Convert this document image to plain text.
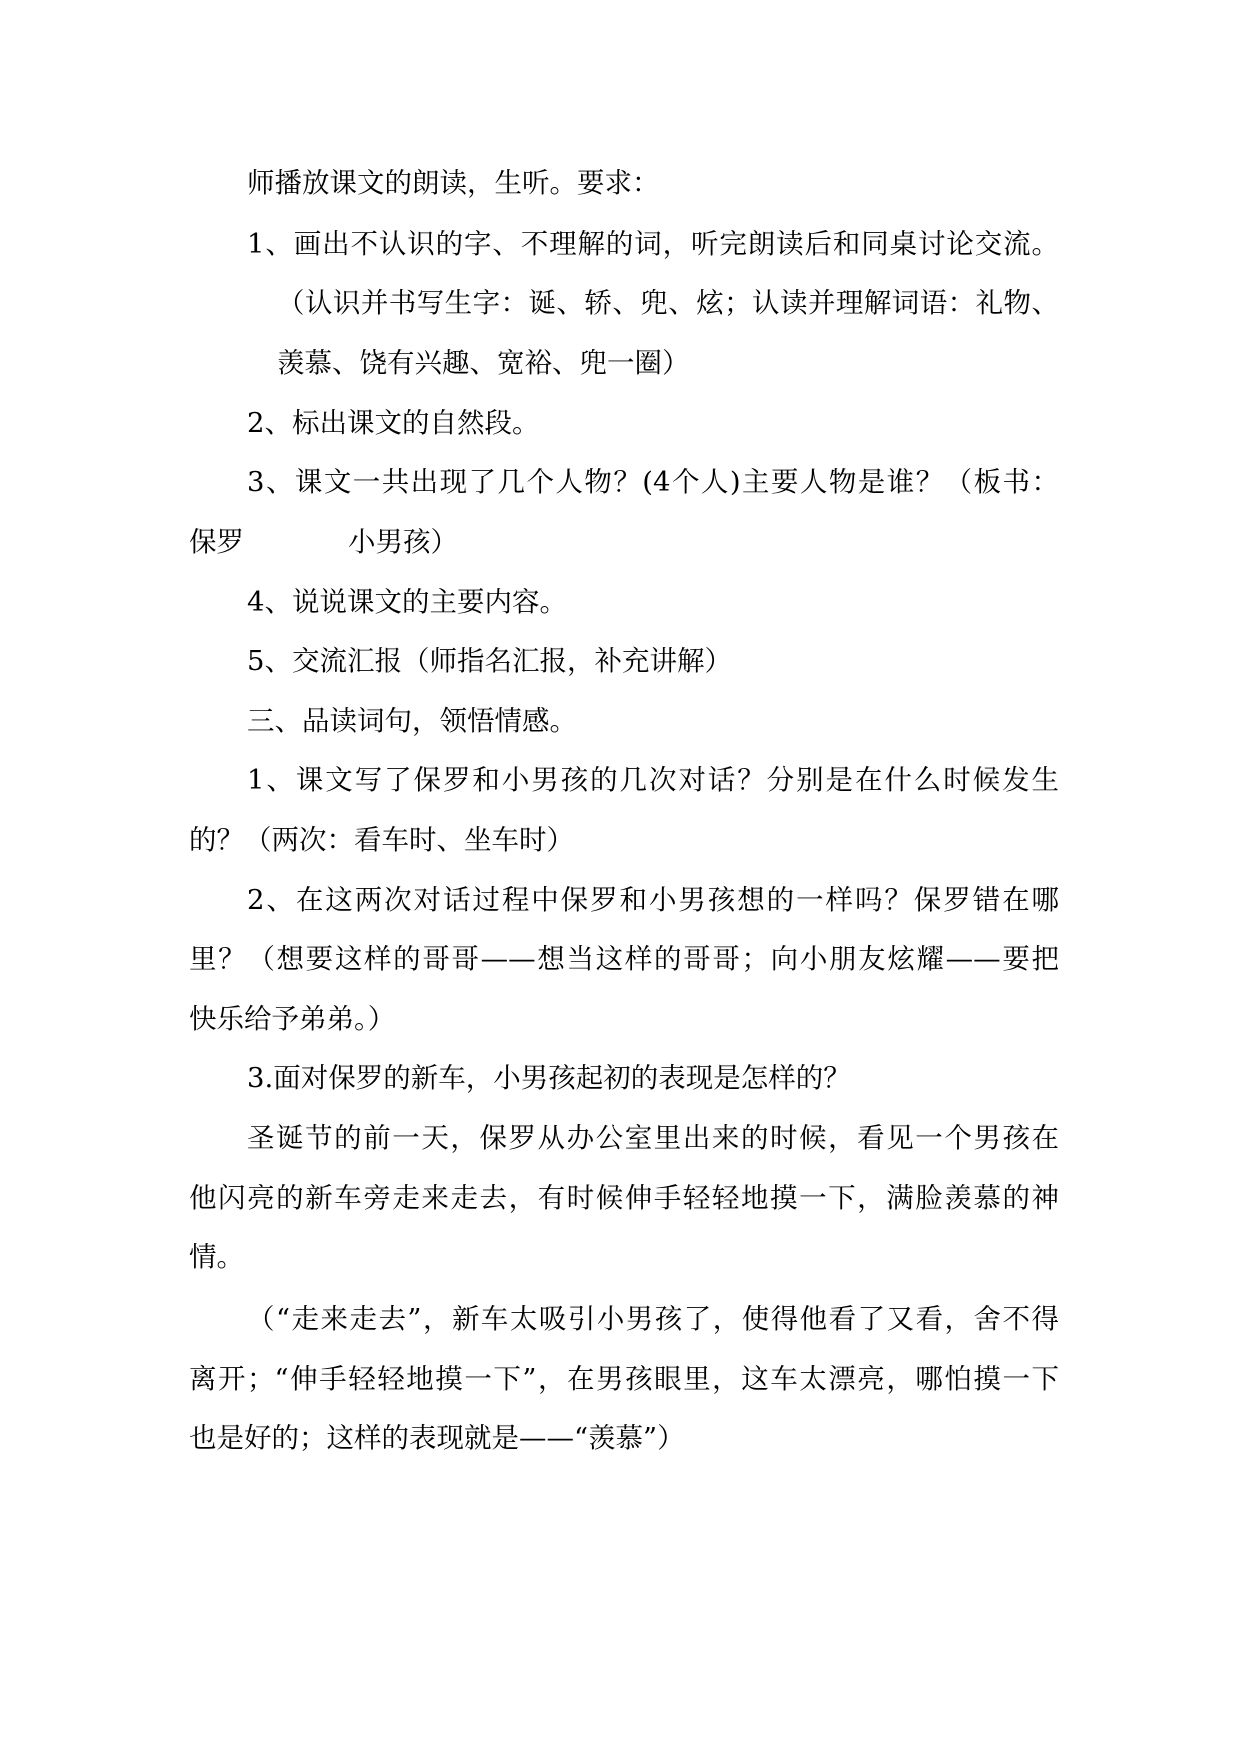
师播放课文的朗读，生听。要求：
1、画出不认识的字、不理解的词，听完朗读后和同桌讨论交流。
（认识并书写生字：诞、轿、兜、炫；认读并理解词语：礼物、
羡慕、饶有兴趣、宽裕、兜一圈）
2、标出课文的自然段。
3、课文一共出现了几个人物？(4个人)主要人物是谁？（板书：
保罗	小男孩）
4、说说课文的主要内容。
5、交流汇报（师指名汇报，补充讲解）
三、品读词句，领悟情感。
1、课文写了保罗和小男孩的几次对话？分别是在什么时候发生
的？（两次：看车时、坐车时）
2、在这两次对话过程中保罗和小男孩想的一样吗？保罗错在哪
里？（想要这样的哥哥——想当这样的哥哥；向小朋友炫耀——要把
快乐给予弟弟。）
3.面对保罗的新车，小男孩起初的表现是怎样的？
圣诞节的前一天，保罗从办公室里出来的时候，看见一个男孩在
他闪亮的新车旁走来走去，有时候伸手轻轻地摸一下，满脸羡慕的神
情。
（“走来走去”，新车太吸引小男孩了，使得他看了又看，舍不得
离开；“伸手轻轻地摸一下”，在男孩眼里，这车太漂亮，哪怕摸一下
也是好的；这样的表现就是——“羡慕”）
